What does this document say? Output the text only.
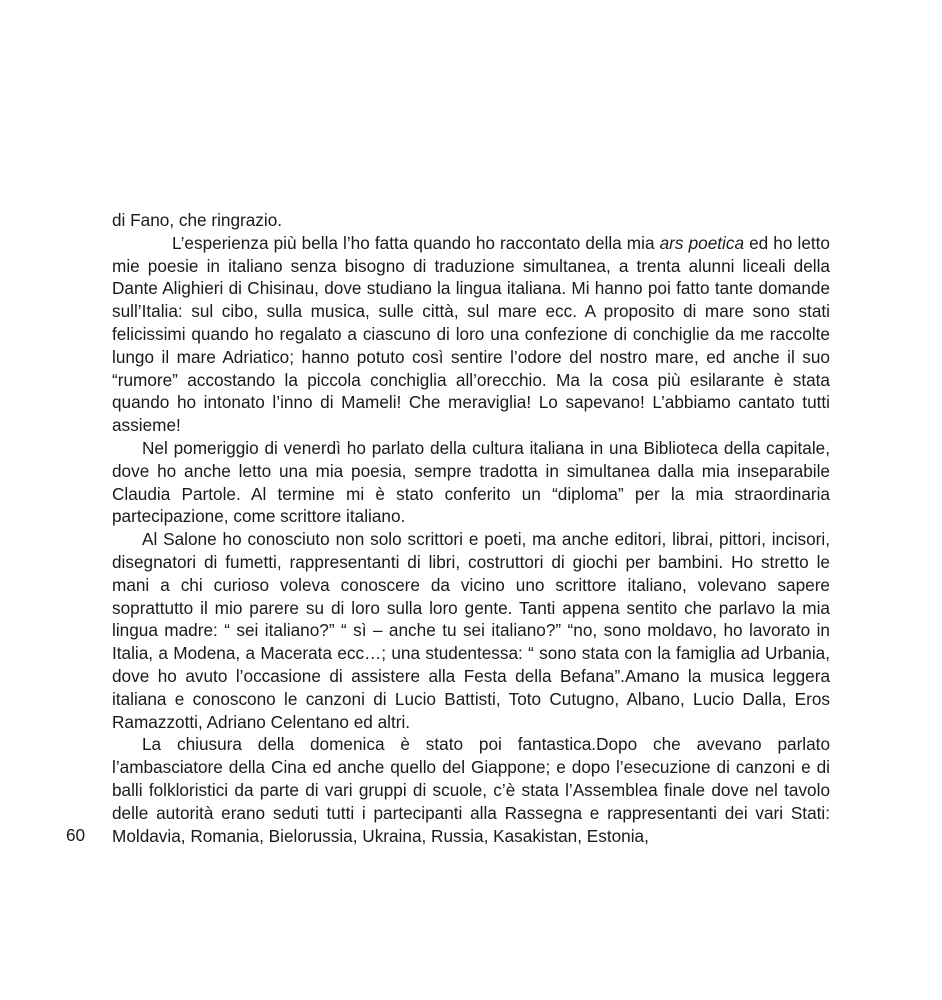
di Fano, che ringrazio.

L’esperienza più bella l’ho fatta quando ho raccontato della mia ars poetica ed ho letto mie poesie in italiano senza bisogno di traduzione simultanea, a trenta alunni liceali della Dante Alighieri di Chisinau, dove studiano la lingua italiana. Mi hanno poi fatto tante domande sull’Italia: sul cibo, sulla musica, sulle città, sul mare ecc. A proposito di mare sono stati felicissimi quando ho regalato a ciascuno di loro una confezione di conchiglie da me raccolte lungo il mare Adriatico; hanno potuto così sentire l’odore del nostro mare, ed anche il suo “rumore” accostando la piccola conchiglia all’orecchio. Ma la cosa più esilarante è stata quando ho intonato l’inno di Mameli! Che meraviglia! Lo sapevano! L’abbiamo cantato tutti assieme!

Nel pomeriggio di venerdì ho parlato della cultura italiana in una Biblioteca della capitale, dove ho anche letto una mia poesia, sempre tradotta in simultanea dalla mia inseparabile Claudia Partole. Al termine mi è stato conferito un “diploma” per la mia straordinaria partecipazione, come scrittore italiano.

Al Salone ho conosciuto non solo scrittori e poeti, ma anche editori, librai, pittori, incisori, disegnatori di fumetti, rappresentanti di libri, costruttori di giochi per bambini. Ho stretto le mani a chi curioso voleva conoscere da vicino uno scrittore italiano, volevano sapere soprattutto il mio parere su di loro sulla loro gente. Tanti appena sentito che parlavo la mia lingua madre: “ sei italiano?” “ sì – anche tu sei italiano?” “no, sono moldavo, ho lavorato in Italia, a Modena, a Macerata ecc…; una studentessa: “ sono stata con la famiglia ad Urbania, dove ho avuto l’occasione di assistere alla Festa della Befana”.Amano la musica leggera italiana e conoscono le canzoni di Lucio Battisti, Toto Cutugno, Albano, Lucio Dalla, Eros Ramazzotti, Adriano Celentano ed altri.

La chiusura della domenica è stato poi fantastica.Dopo che avevano parlato l’ambasciatore della Cina ed anche quello del Giappone; e dopo l’esecuzione di canzoni e di balli folkloristici da parte di vari gruppi di scuole, c’è stata l’Assemblea finale dove nel tavolo delle autorità erano seduti tutti i partecipanti alla Rassegna e rappresentanti dei vari Stati: Moldavia, Romania, Bielorussia, Ukraina, Russia, Kasakistan, Estonia,

60
